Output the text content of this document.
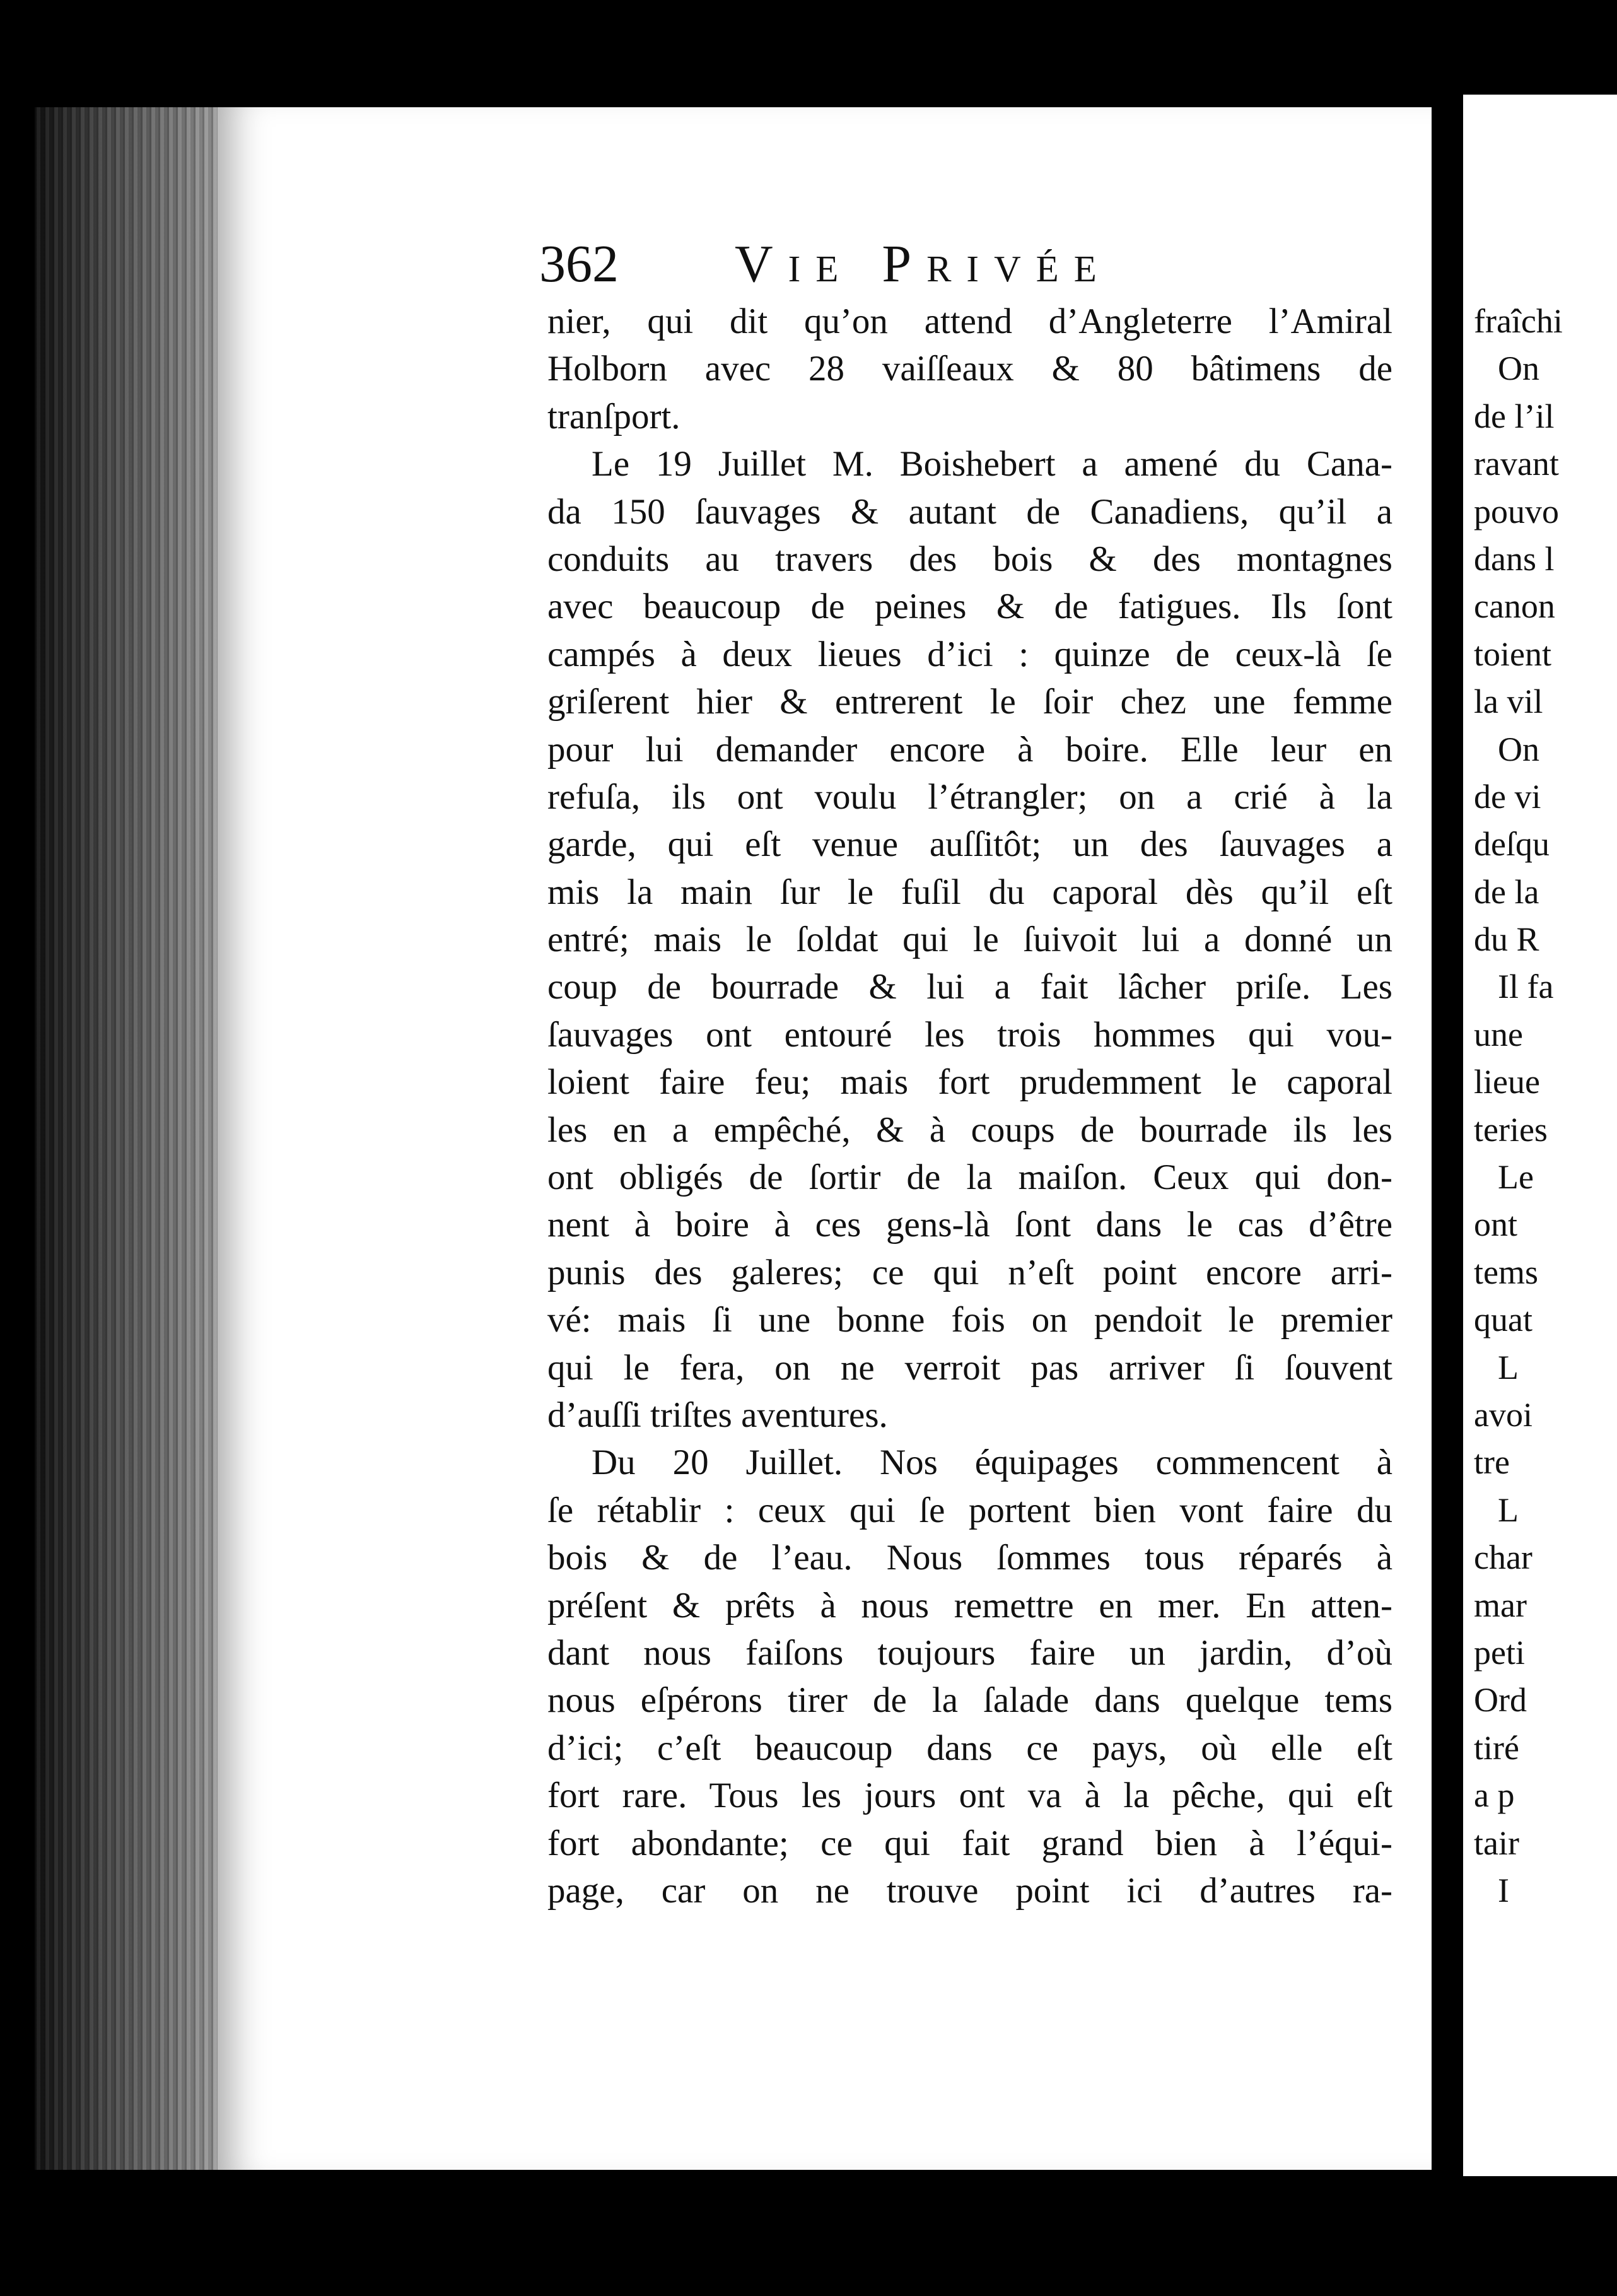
362 Vie Privée
nier, qui dit qu’on attend d’Angleterre l’Amiral
Holborn avec 28 vaiſſeaux & 80 bâtimens de
tranſport.
Le 19 Juillet M. Boishebert a amené du Cana-
da 150 ſauvages & autant de Canadiens, qu’il a
conduits au travers des bois & des montagnes
avec beaucoup de peines & de fatigues. Ils ſont
campés à deux lieues d’ici : quinze de ceux-là ſe
griſerent hier & entrerent le ſoir chez une femme
pour lui demander encore à boire. Elle leur en
refuſa, ils ont voulu l’étrangler; on a crié à la
garde, qui eſt venue auſſitôt; un des ſauvages a
mis la main ſur le fuſil du caporal dès qu’il eſt
entré; mais le ſoldat qui le ſuivoit lui a donné un
coup de bourrade & lui a fait lâcher priſe. Les
ſauvages ont entouré les trois hommes qui vou-
loient faire feu; mais fort prudemment le caporal
les en a empêché, & à coups de bourrade ils les
ont obligés de ſortir de la maiſon. Ceux qui don-
nent à boire à ces gens-là ſont dans le cas d’être
punis des galeres; ce qui n’eſt point encore arri-
vé: mais ſi une bonne fois on pendoit le premier
qui le fera, on ne verroit pas arriver ſi ſouvent
d’auſſi triſtes aventures.
Du 20 Juillet. Nos équipages commencent à
ſe rétablir : ceux qui ſe portent bien vont faire du
bois & de l’eau. Nous ſommes tous réparés à
préſent & prêts à nous remettre en mer. En atten-
dant nous faiſons toujours faire un jardin, d’où
nous eſpérons tirer de la ſalade dans quelque tems
d’ici; c’eſt beaucoup dans ce pays, où elle eſt
fort rare. Tous les jours ont va à la pêche, qui eſt
fort abondante; ce qui fait grand bien à l’équi-
page, car on ne trouve point ici d’autres ra-
fraîchi
On
de l’il
ravant
pouvo
dans l
canon
toient
la vil
On
de vi
deſqu
de la
du R
Il fa
une
lieue
teries
Le
ont
tems
quat
L
avoi
tre
L
char
mar
peti
Ord
tiré
a p
tair
I
